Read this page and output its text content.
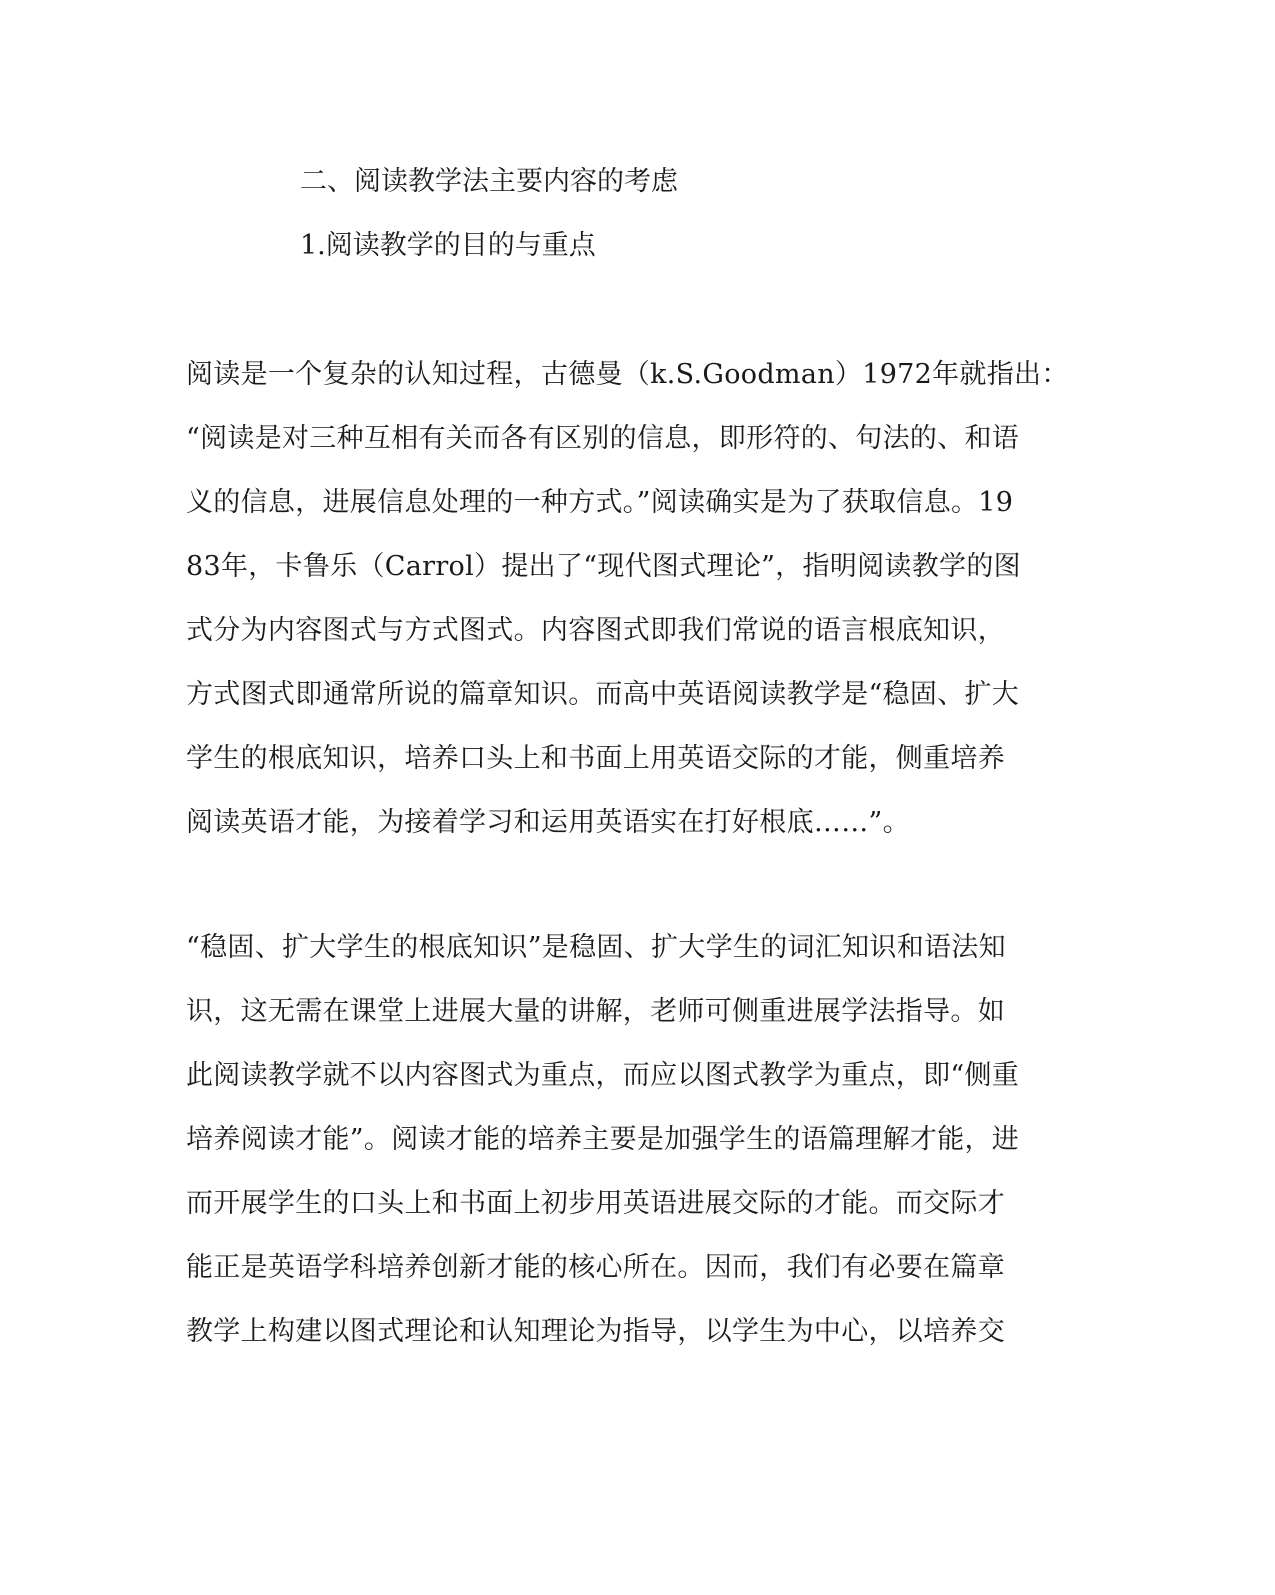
二、阅读教学法主要内容的考虑
1.阅读教学的目的与重点
阅读是一个复杂的认知过程，古德曼（k.S.Goodman）1972年就指出：
“阅读是对三种互相有关而各有区别的信息，即形符的、句法的、和语
义的信息，进展信息处理的一种方式。”阅读确实是为了获取信息。19
83年，卡鲁乐（Carrol）提出了“现代图式理论”，指明阅读教学的图
式分为内容图式与方式图式。内容图式即我们常说的语言根底知识，
方式图式即通常所说的篇章知识。而高中英语阅读教学是“稳固、扩大
学生的根底知识，培养口头上和书面上用英语交际的才能，侧重培养
阅读英语才能，为接着学习和运用英语实在打好根底……”。
“稳固、扩大学生的根底知识”是稳固、扩大学生的词汇知识和语法知
识，这无需在课堂上进展大量的讲解，老师可侧重进展学法指导。如
此阅读教学就不以内容图式为重点，而应以图式教学为重点，即“侧重
培养阅读才能”。阅读才能的培养主要是加强学生的语篇理解才能，进
而开展学生的口头上和书面上初步用英语进展交际的才能。而交际才
能正是英语学科培养创新才能的核心所在。因而，我们有必要在篇章
教学上构建以图式理论和认知理论为指导，以学生为中心，以培养交
